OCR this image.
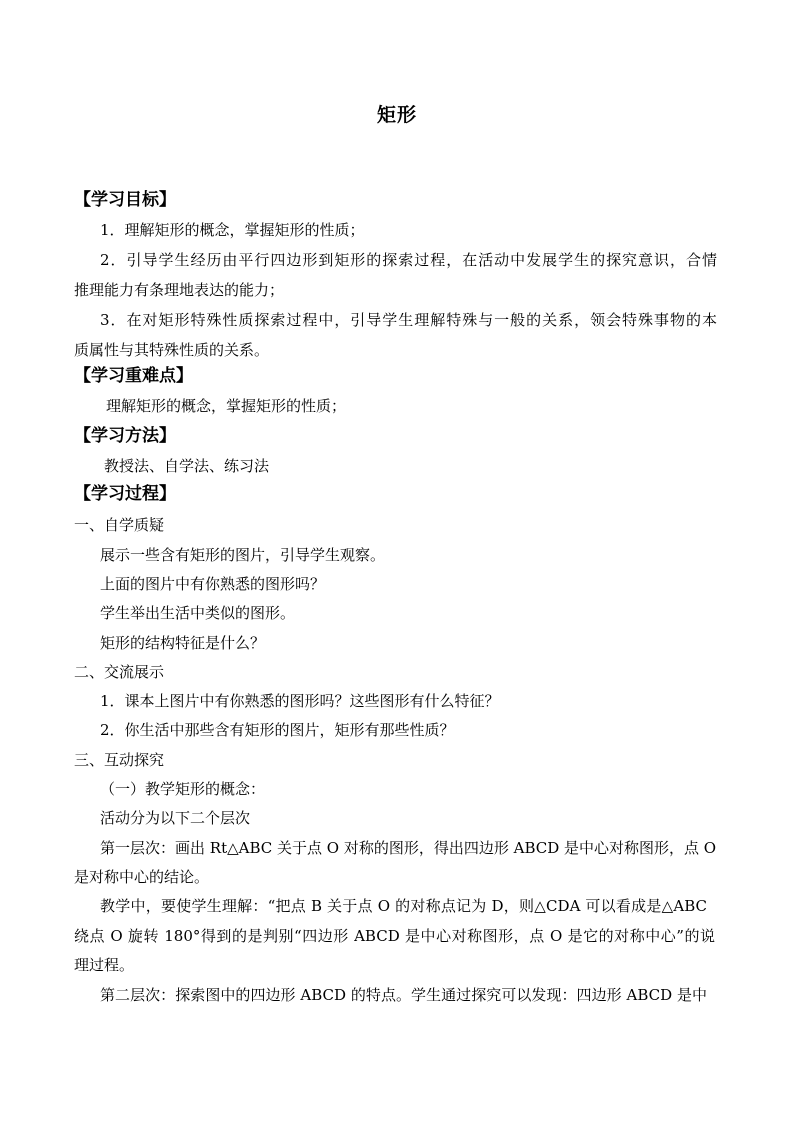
矩形
【学习目标】
1．理解矩形的概念，掌握矩形的性质；
2．引导学生经历由平行四边形到矩形的探索过程，在活动中发展学生的探究意识，合情
推理能力有条理地表达的能力；
3．在对矩形特殊性质探索过程中，引导学生理解特殊与一般的关系，领会特殊事物的本
质属性与其特殊性质的关系。
【学习重难点】
理解矩形的概念，掌握矩形的性质；
【学习方法】
教授法、自学法、练习法
【学习过程】
一、自学质疑
展示一些含有矩形的图片，引导学生观察。
上面的图片中有你熟悉的图形吗？
学生举出生活中类似的图形。
矩形的结构特征是什么？
二、交流展示
1．课本上图片中有你熟悉的图形吗？这些图形有什么特征？
2．你生活中那些含有矩形的图片，矩形有那些性质？
三、互动探究
（一）教学矩形的概念：
活动分为以下二个层次
第一层次：画出 Rt△ABC 关于点 O 对称的图形，得出四边形 ABCD 是中心对称图形，点 O
是对称中心的结论。
教学中，要使学生理解：“把点 B 关于点 O 的对称点记为 D，则△CDA 可以看成是△ABC
绕点 O 旋转 180°得到的是判别“四边形 ABCD 是中心对称图形，点 O 是它的对称中心”的说
理过程。
第二层次：探索图中的四边形 ABCD 的特点。学生通过探究可以发现：四边形 ABCD 是中
